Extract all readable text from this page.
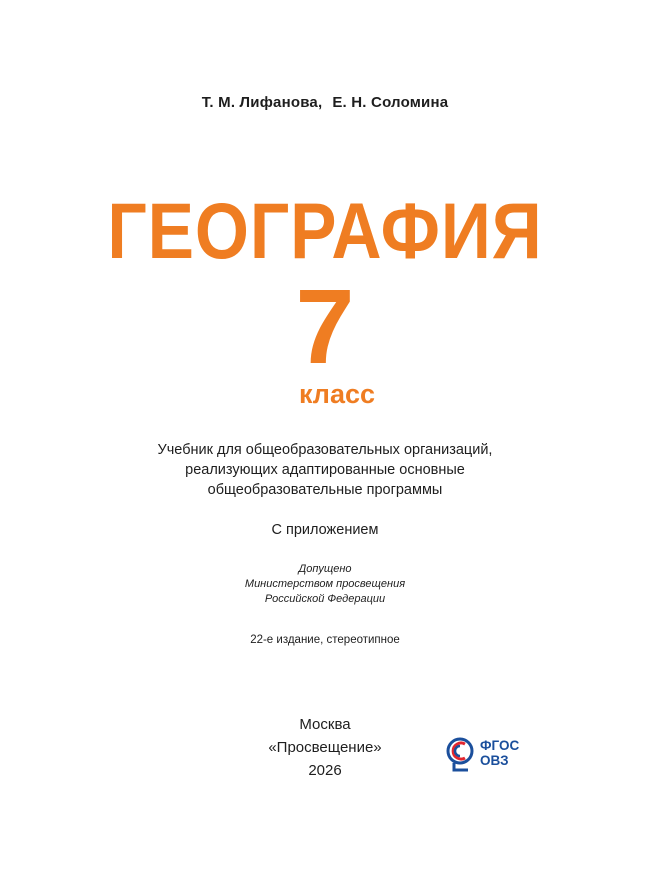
Т. М. Лифанова, Е. Н. Соломина
ГЕОГРАФИЯ
7
класс
Учебник для общеобразовательных организаций,
реализующих адаптированные основные
общеобразовательные программы
С приложением
Допущено
Министерством просвещения
Российской Федерации
22-е издание, стереотипное
Москва
«Просвещение»
2026
ФГОС
ОВЗ
